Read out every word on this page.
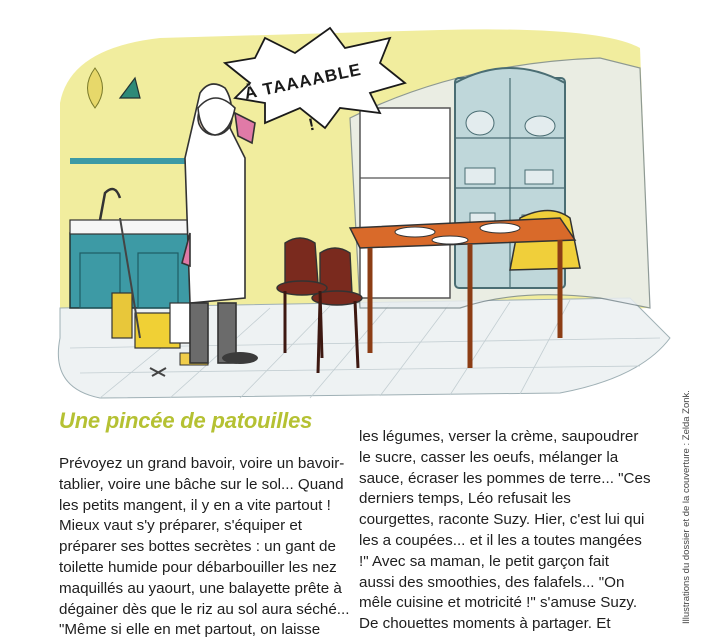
À TAAAABLE !
Une pincée de patouilles

Prévoyez un grand bavoir, voire un bavoir-

tablier, voire une bâche sur le sol... Quand

les petits mangent, il y en a vite partout !

Mieux vaut s'y préparer, s'équiper et

préparer ses bottes secrètes : un gant de

toilette humide pour débarbouiller les nez

maquillés au yaourt, une balayette prête à

dégainer dès que le riz au sol aura séché...

"Même si elle en met partout, on laisse

les légumes, verser la crème, saupoudrer

le sucre, casser les oeufs, mélanger la

sauce, écraser les pommes de terre... "Ces

derniers temps, Léo refusait les

courgettes, raconte Suzy. Hier, c'est lui qui

les a coupées... et il les a toutes mangées

!" Avec sa maman, le petit garçon fait

aussi des smoothies, des falafels... "On

mêle cuisine et motricité !" s'amuse Suzy.

De chouettes moments à partager. Et	Illustrations du dossier et de la couverture : Zelda Zonk.
